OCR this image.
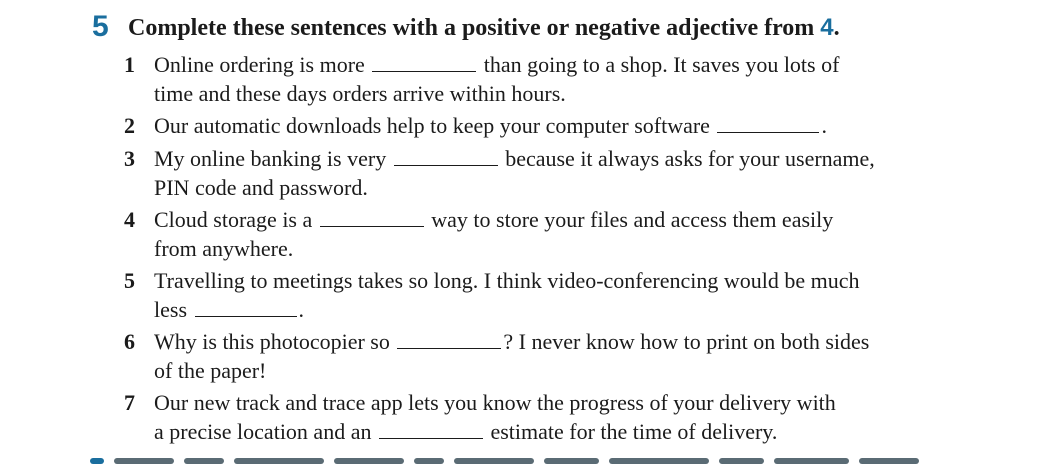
5 Complete these sentences with a positive or negative adjective from 4.
1 Online ordering is more	than going to a shop. It saves you lots of
time and these days orders arrive within hours.
2 Our automatic downloads help to keep your computer software	.
3 My online banking is very	because it always asks for your username,
PIN code and password.
4 Cloud storage is a	way to store your files and access them easily
from anywhere.
5 Travelling to meetings takes so long. I think video-conferencing would be much
less	.
6 Why is this photocopier so	? I never know how to print on both sides
of the paper!
7 Our new track and trace app lets you know the progress of your delivery with
a precise location and an	estimate for the time of delivery.
